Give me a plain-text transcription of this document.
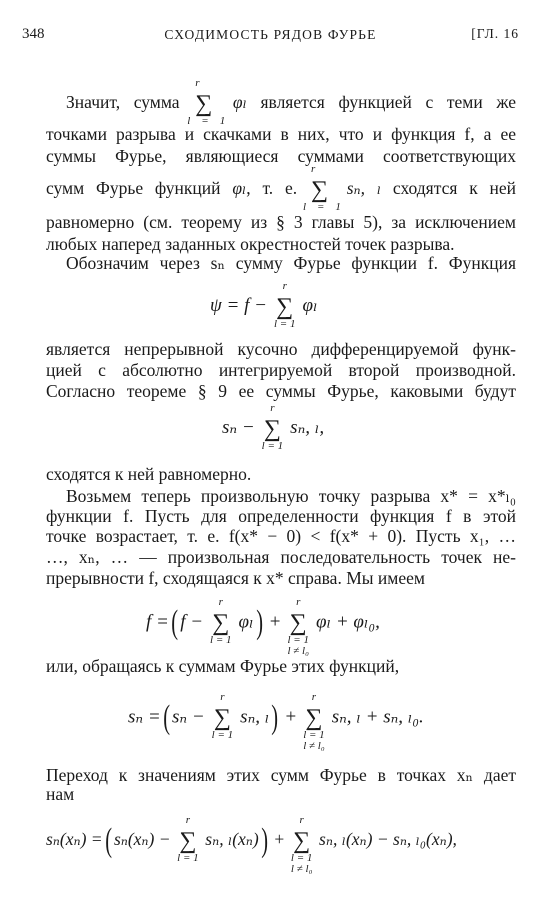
348	СХОДИМОСТЬ РЯДОВ ФУРЬЕ	[ГЛ. 16
Значит, сумма
r
∑
l = 1
φₗ является функцией с теми же
точками разрыва и скачками в них, что и функция f, а ее
суммы Фурье, являющиеся суммами соответствующих
сумм Фурье функций φₗ, т. е.
r
∑
l = 1
sₙ, ₗ сходятся к ней
равномерно (см. теорему из § 3 главы 5), за исключением
любых наперед заданных окрестностей точек разрыва.
Обозначим через sₙ сумму Фурье функции f. Функция
ψ = f −
r
∑
l = 1
φₗ
является непрерывной кусочно дифференцируемой функ-
цией с абсолютно интегрируемой второй производной.
Согласно теореме § 9 ее суммы Фурье, каковыми будут
sₙ −
r
∑
l = 1
sₙ, ₗ,
сходятся к ней равномерно.
Возьмем теперь произвольную точку разрыва x* = x*ₗ₀
функции f. Пусть для определенности функция f в этой
точке возрастает, т. е. f(x* − 0) < f(x* + 0). Пусть x₁, …
…, xₙ, … — произвольная последовательность точек не-
прерывности f, сходящаяся к x* справа. Мы имеем
f =( f −
r
∑
l = 1
φₗ) +
r
∑
l = 1
l ≠ l₀
φₗ + φₗ₀,
или, обращаясь к суммам Фурье этих функций,
sₙ =( sₙ −
r
∑
l = 1
sₙ, ₗ) +
r
∑
l = 1
l ≠ l₀
sₙ, ₗ + sₙ, ₗ₀.
Переход к значениям этих сумм Фурье в точках xₙ дает
нам
sₙ(xₙ) =( sₙ(xₙ) −
r
∑
l = 1
sₙ, ₗ(xₙ)) +
r
∑
l = 1
l ≠ l₀
sₙ, ₗ(xₙ) − sₙ, ₗ₀(xₙ),
